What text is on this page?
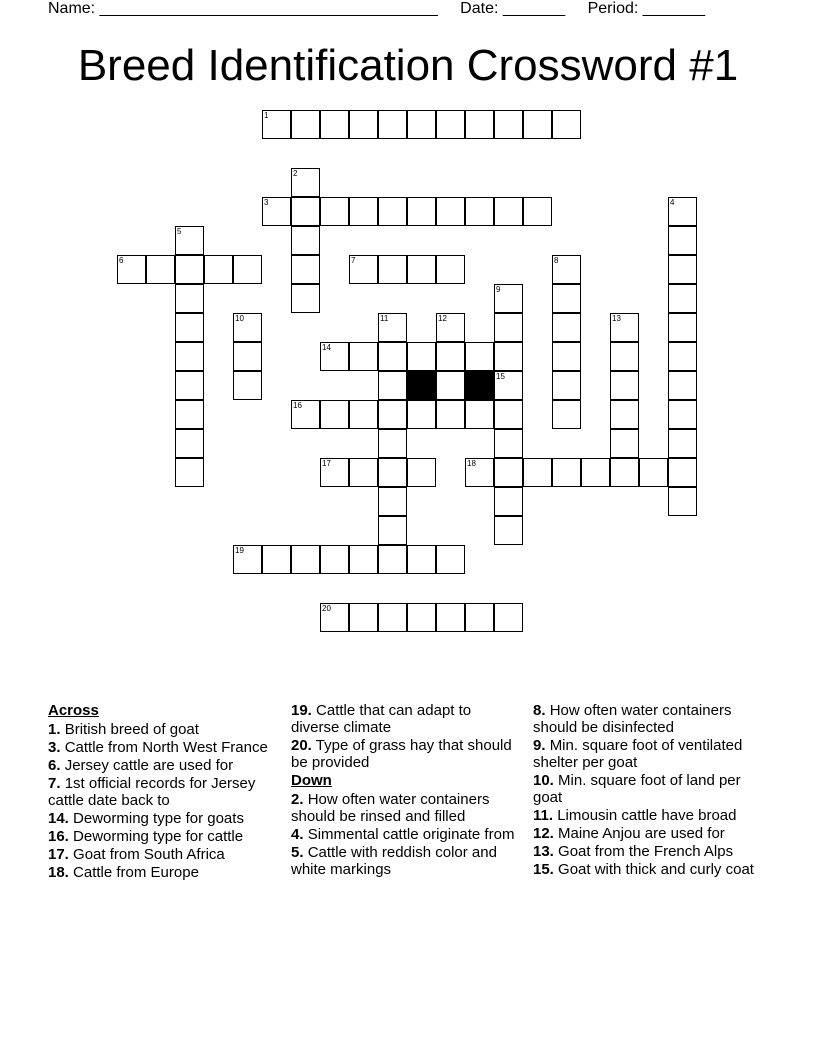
Name: ______________________________________ Date: _______ Period: _______
Breed Identification Crossword #1
1
2
3	4
5
6	7	8
9
10	11	12	13
14
15
16
17	18
19
20
Across
1. British breed of goat
3. Cattle from North West France
6. Jersey cattle are used for
7. 1st official records for Jersey cattle date back to
14. Deworming type for goats
16. Deworming type for cattle
17. Goat from South Africa
18. Cattle from Europe
19. Cattle that can adapt to diverse climate
20. Type of grass hay that should be provided
Down
2. How often water containers should be rinsed and filled
4. Simmental cattle originate from
5. Cattle with reddish color and white markings
8. How often water containers should be disinfected
9. Min. square foot of ventilated shelter per goat
10. Min. square foot of land per goat
11. Limousin cattle have broad
12. Maine Anjou are used for
13. Goat from the French Alps
15. Goat with thick and curly coat
